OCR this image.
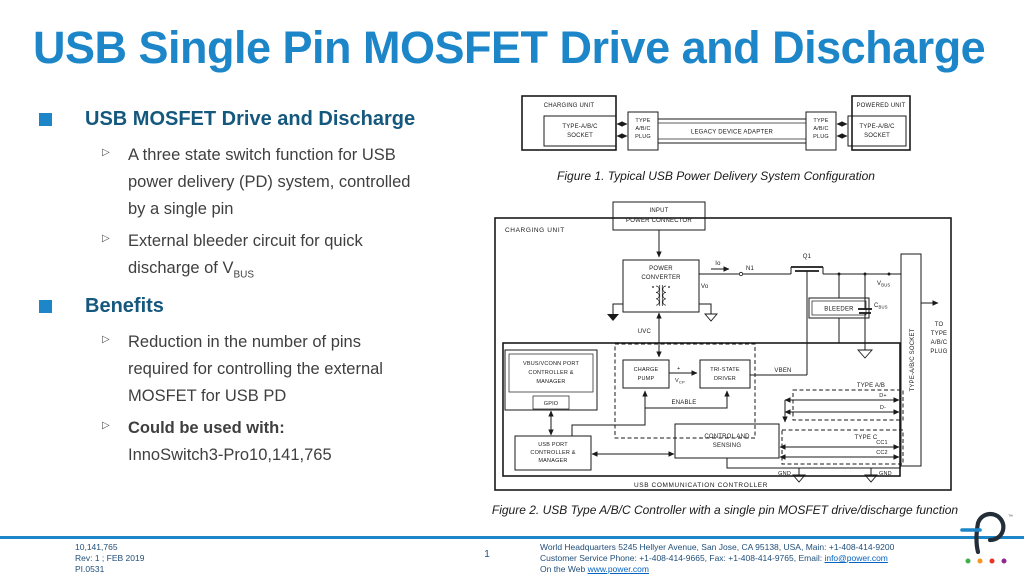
USB Single Pin MOSFET Drive and Discharge
USB MOSFET Drive and Discharge
▷	A three state switch function for USB
power delivery (PD) system, controlled
by a single pin
▷	External bleeder circuit for quick
discharge of $V_{BUS}$
Benefits
▷	Reduction in the number of pins
required for controlling the external
MOSFET for USB PD
▷	Could be used with:
InnoSwitch3-Pro10,141,765
CHARGING UNIT
TYPE-A/B/C
SOCKET
TYPE
A/B/C
PLUG
LEGACY DEVICE ADAPTER
TYPE
A/B/C
PLUG
POWERED UNIT
TYPE-A/B/C
SOCKET
Figure 1. Typical USB Power Delivery System Configuration
CHARGING UNIT
INPUT
POWER CONNECTOR
POWER
CONVERTER
UVC
Io
N1
Vo
Q1
VBEN
$V_{BUS}$
BLEEDER
$C_{BUS}$
TYPE-A/B/C SOCKET
TO
TYPE
A/B/C
PLUG
USB COMMUNICATION CONTROLLER
VBUS/VCONN PORT
CONTROLLER &
MANAGER
GPIO
USB PORT
CONTROLLER &
MANAGER
CONTROL AND
SENSING
CHARGE
PUMP
+
$V_{CP}$
TRI-STATE
DRIVER
ENABLE
TYPE A/B
D+
D-
TYPE C
CC1
CC2
GND	GND
Figure 2. USB Type A/B/C Controller with a single pin MOSFET drive/discharge function
10,141,765
Rev: 1 ; FEB 2019
PI.0531
1
World Headquarters 5245 Hellyer Avenue, San Jose, CA 95138, USA, Main: +1-408-414-9200
Customer Service Phone: +1-408-414-9665, Fax: +1-408-414-9765, Email: info@power.com
On the Web www.power.com
™
